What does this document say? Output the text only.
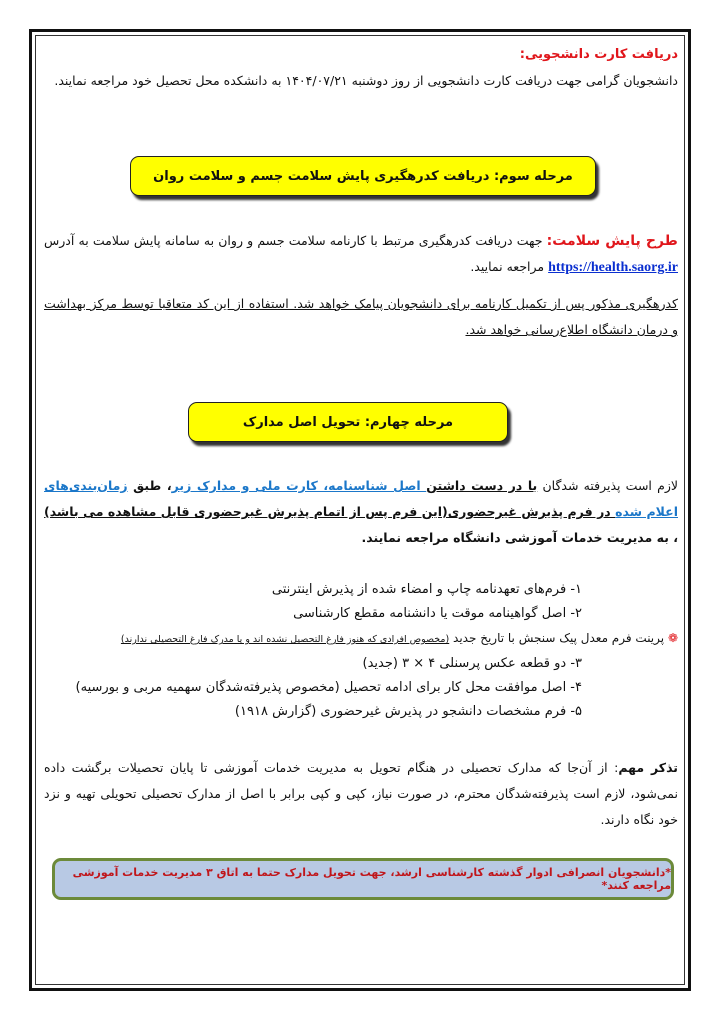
دریافت کارت دانشجویی:
دانشجویان گرامی جهت دریافت کارت دانشجویی از روز دوشنبه ۱۴۰۴/۰۷/۲۱ به دانشکده محل تحصیل خود مراجعه نمایند.
طرح پایش سلامت: جهت دریافت کدرهگیری مرتبط با کارنامه سلامت جسم و روان به سامانه پایش سلامت به آدرس https://health.saorg.ir مراجعه نمایید.
کدرهگیری مذکور پس از تکمیل کارنامه برای دانشجویان پیامک خواهد شد. استفاده از این کد متعاقبا توسط مرکز بهداشت و درمان دانشگاه اطلاع‌رسانی خواهد شد.
لازم است پذیرفته شدگان با در دست داشتن اصل شناسنامه، کارت ملی و مدارک زیر، طبق زمان‌بندی‌های اعلام شده در فرم پذیرش غیرحضوری(این فرم پس از اتمام پذیرش غیرحضوری قابل مشاهده می باشد) ، به مدیریت خدمات آموزشی دانشگاه مراجعه نمایند.
۱- فرم‌های تعهدنامه چاپ و امضاء شده از پذیرش اینترنتی
۲- اصل گواهینامه موقت یا دانشنامه مقطع کارشناسی
❁ پرینت فرم معدل پیک سنجش با تاریخ جدید (مخصوص افرادی که هنوز فارغ التحصیل نشده اند و یا مدرک فارغ التحصیلی ندارند)
۳- دو قطعه عکس پرسنلی ۴ × ۳ (جدید)
۴- اصل موافقت محل کار برای ادامه تحصیل (مخصوص پذیرفته‌شدگان سهمیه مربی و بورسیه)
۵- فرم مشخصات دانشجو در پذیرش غیرحضوری (گزارش ۱۹۱۸)
تذکر مهم: از آن‌جا که مدارک تحصیلی در هنگام تحویل به مدیریت خدمات آموزشی تا پایان تحصیلات برگشت داده نمی‌شود، لازم است پذیرفته‌شدگان محترم، در صورت نیاز، کپی و کپی برابر با اصل از مدارک تحصیلی تحویلی تهیه و نزد خود نگاه دارند.
مرحله سوم: دریافت کدرهگیری پایش سلامت جسم و سلامت روان
مرحله چهارم: تحویل اصل مدارک
*دانشجویان انصرافی ادوار گذشته کارشناسی ارشد، جهت تحویل مدارک حتما به اتاق ۳ مدیریت خدمات آموزشی مراجعه کنند*
